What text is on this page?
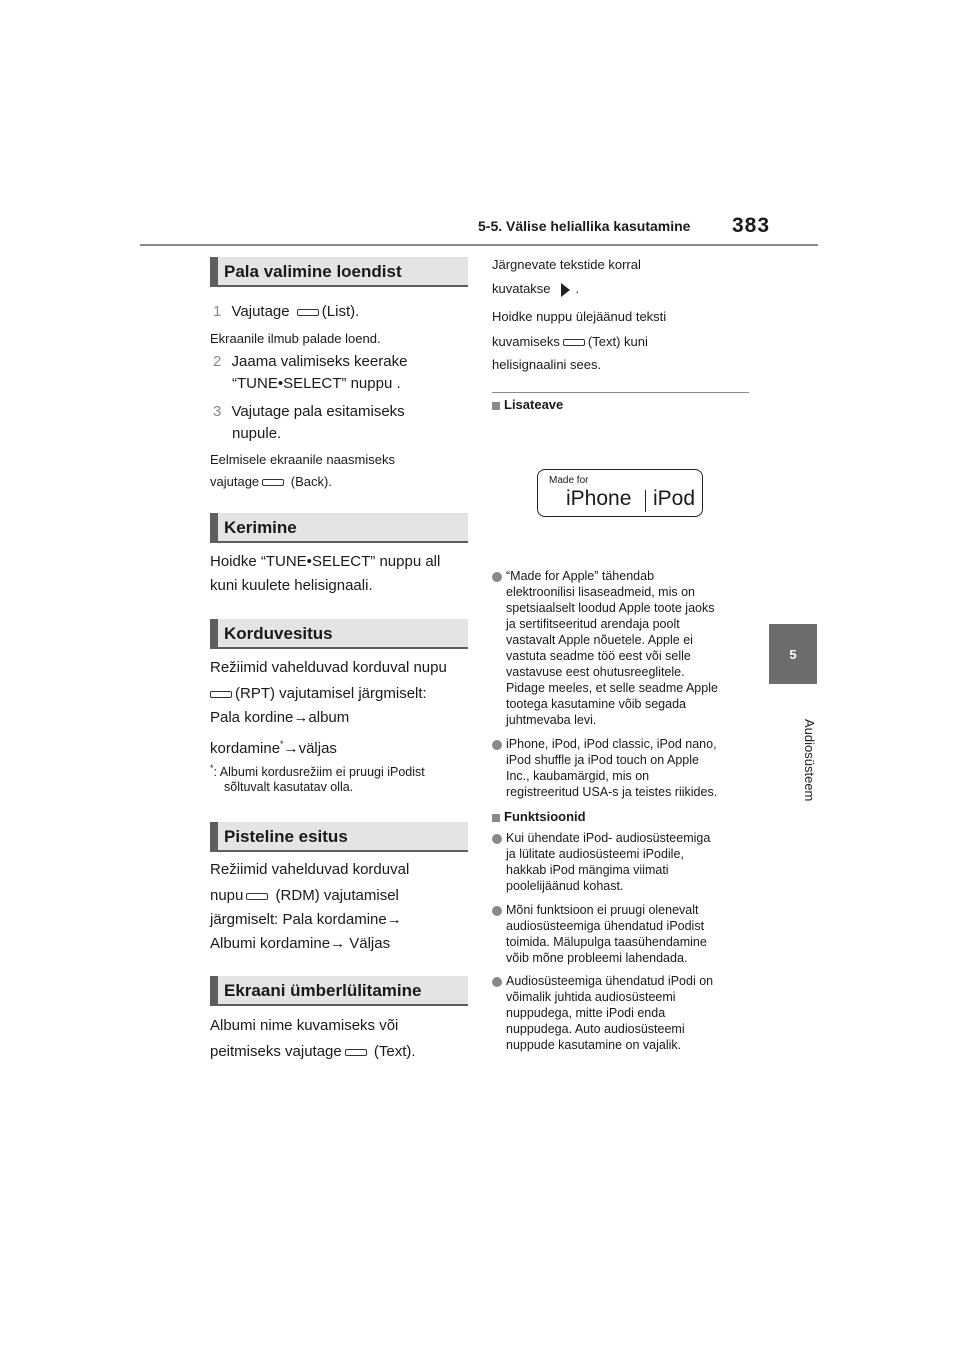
5-5. Välise heliallika kasutamine 383
5
Audiosüsteem
Pala valimine loendist
1 Vajutage (List).
Ekraanile ilmub palade loend.
2 Jaama valimiseks keerake
“TUNE•SELECT” nuppu .
3 Vajutage pala esitamiseks
nupule.
Eelmisele ekraanile naasmiseks
vajutage (Back).
Kerimine
Hoidke “TUNE•SELECT” nuppu all
kuni kuulete helisignaali.
Korduvesitus
Režiimid vahelduvad korduval nupu
(RPT) vajutamisel järgmiselt:
Pala kordine→album
kordamine*→väljas
*: Albumi kordusrežiim ei pruugi iPodist
sõltuvalt kasutatav olla.
Pisteline esitus
Režiimid vahelduvad korduval
nupu (RDM) vajutamisel
järgmiselt: Pala kordamine→
Albumi kordamine→ Väljas
Ekraani ümberlülitamine
Albumi nime kuvamiseks või
peitmiseks vajutage (Text).
Järgnevate tekstide korral
kuvatakse .
Hoidke nuppu ülejäänud teksti
kuvamiseks (Text) kuni
helisignaalini sees.
Lisateave
Made for
iPhone iPod
“Made for Apple” tähendab
elektroonilisi lisaseadmeid, mis on
spetsiaalselt loodud Apple toote jaoks
ja sertifitseeritud arendaja poolt
vastavalt Apple nõuetele. Apple ei
vastuta seadme töö eest või selle
vastavuse eest ohutusreeglitele.
Pidage meeles, et selle seadme Apple
tootega kasutamine võib segada
juhtmevaba levi.
iPhone, iPod, iPod classic, iPod nano,
iPod shuffle ja iPod touch on Apple
Inc., kaubamärgid, mis on
registreeritud USA-s ja teistes riikides.
Funktsioonid
Kui ühendate iPod- audiosüsteemiga
ja lülitate audiosüsteemi iPodile,
hakkab iPod mängima viimati
poolelijäänud kohast.
Mõni funktsioon ei pruugi olenevalt
audiosüsteemiga ühendatud iPodist
toimida. Mälupulga taasühendamine
võib mõne probleemi lahendada.
Audiosüsteemiga ühendatud iPodi on
võimalik juhtida audiosüsteemi
nuppudega, mitte iPodi enda
nuppudega. Auto audiosüsteemi
nuppude kasutamine on vajalik.
